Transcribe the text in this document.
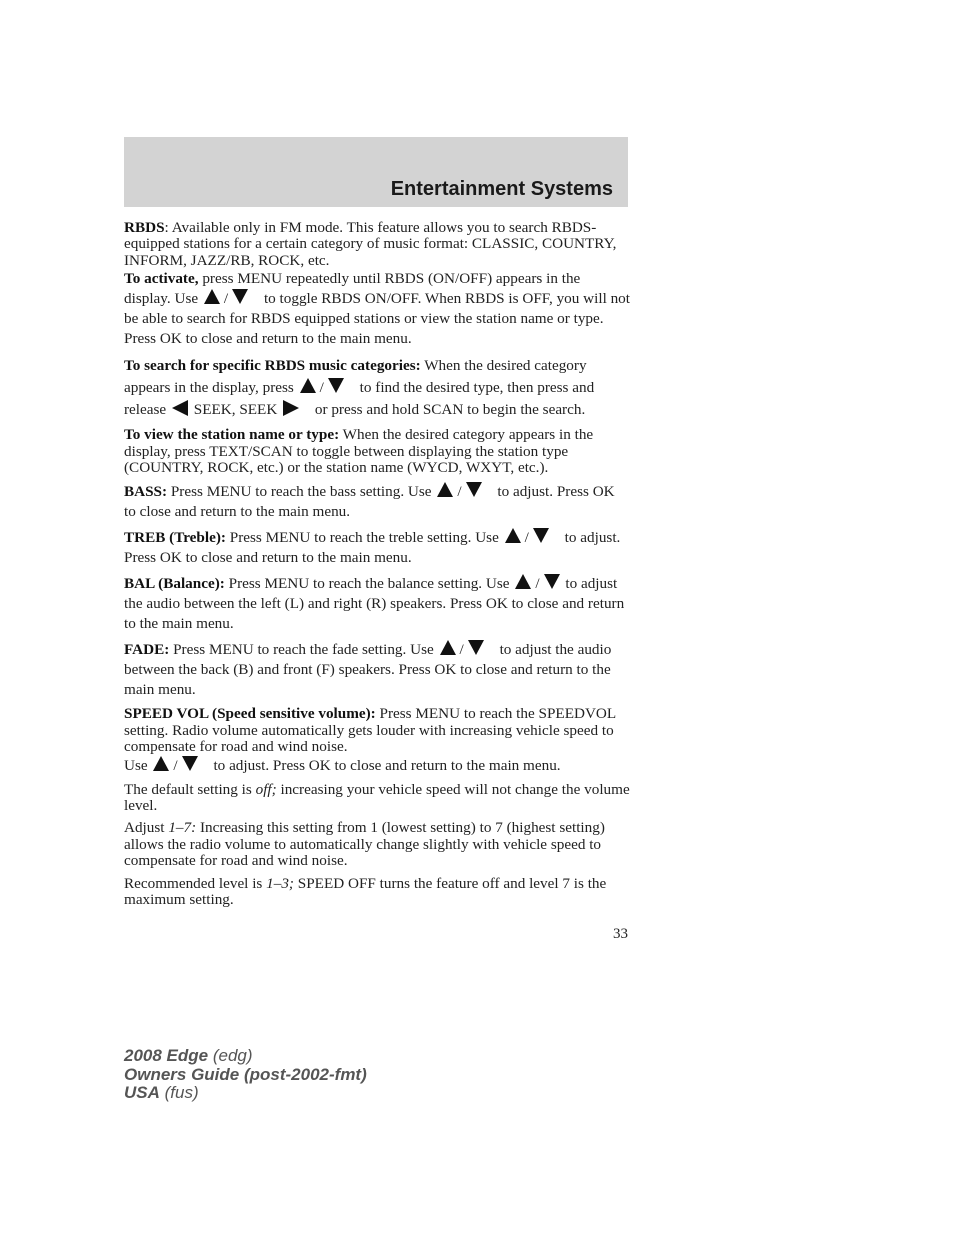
Entertainment Systems

RBDS: Available only in FM mode. This feature allows you to search RBDS-equipped stations for a certain category of music format: CLASSIC, COUNTRY, INFORM, JAZZ/RB, ROCK, etc.

To activate, press MENU repeatedly until RBDS (ON/OFF) appears in the display. Use / to toggle RBDS ON/OFF. When RBDS is OFF, you will not be able to search for RBDS equipped stations or view the station name or type. Press OK to close and return to the main menu.

To search for specific RBDS music categories: When the desired category appears in the display, press / to find the desired type, then press and release  SEEK, SEEK  or press and hold SCAN to begin the search.

To view the station name or type: When the desired category appears in the display, press TEXT/SCAN to toggle between displaying the station type (COUNTRY, ROCK, etc.) or the station name (WYCD, WXYT, etc.).

BASS: Press MENU to reach the bass setting. Use / to adjust. Press OK to close and return to the main menu.

TREB (Treble): Press MENU to reach the treble setting. Use / to adjust. Press OK to close and return to the main menu.

BAL (Balance): Press MENU to reach the balance setting. Use / to adjust the audio between the left (L) and right (R) speakers. Press OK to close and return to the main menu.

FADE: Press MENU to reach the fade setting. Use / to adjust the audio between the back (B) and front (F) speakers. Press OK to close and return to the main menu.

SPEED VOL (Speed sensitive volume): Press MENU to reach the SPEEDVOL setting. Radio volume automatically gets louder with increasing vehicle speed to compensate for road and wind noise.
Use / to adjust. Press OK to close and return to the main menu.

The default setting is off; increasing your vehicle speed will not change the volume level.

Adjust 1–7: Increasing this setting from 1 (lowest setting) to 7 (highest setting) allows the radio volume to automatically change slightly with vehicle speed to compensate for road and wind noise.

Recommended level is 1–3; SPEED OFF turns the feature off and level 7 is the maximum setting.

33
2008 Edge (edg)
Owners Guide (post-2002-fmt)
USA (fus)
